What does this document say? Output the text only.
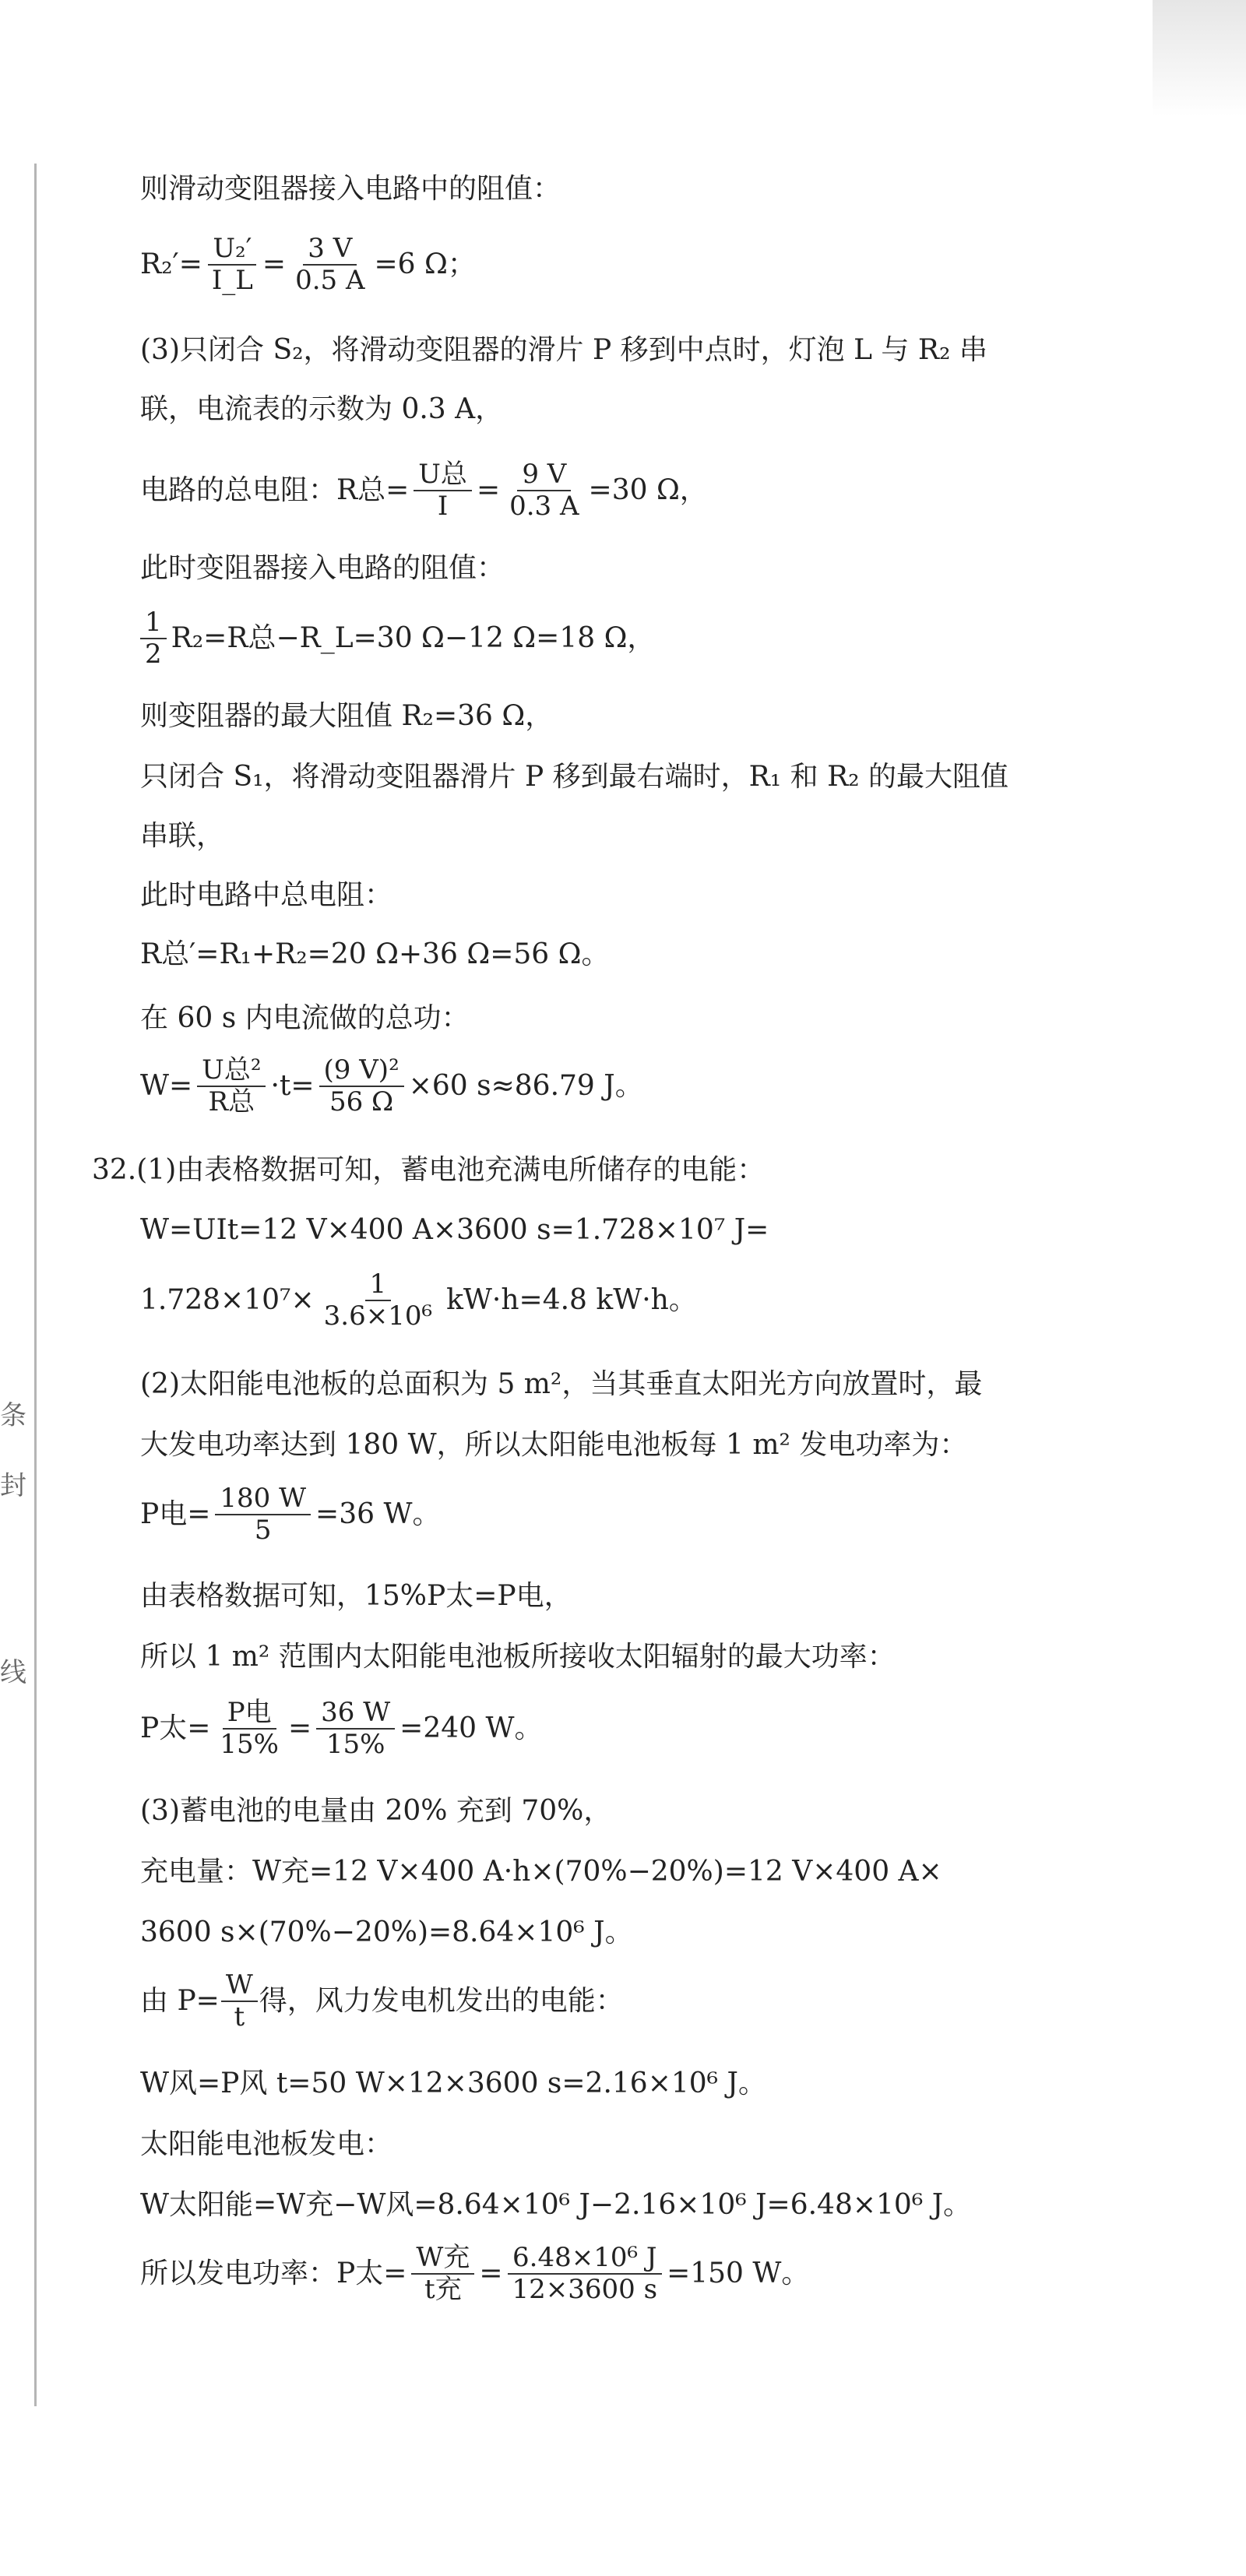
条
封
线
则滑动变阻器接入电路中的阻值：
$R_2'= \frac{\text{U₂′}}{I\_L} = \frac{3 V}{0.5 A} =6$ Ω；
(3)只闭合 S₂，将滑动变阻器的滑片 P 移到中点时，灯泡 L 与 R₂ 串
联，电流表的示数为 0.3 A，
电路的总电阻：R总= $\frac{\text{U总}}{I} = \frac{9 V}{0.3 A} =30$ Ω，
此时变阻器接入电路的阻值：
$\frac{1}{2} R_2=R$总−R_L=30 Ω−12 Ω=18 Ω，
则变阻器的最大阻值 R₂=36 Ω，
只闭合 S₁，将滑动变阻器滑片 P 移到最右端时，R₁ 和 R₂ 的最大阻值
串联，
此时电路中总电阻：
R总′=R₁+R₂=20 Ω+36 Ω=56 Ω。
在 60 s 内电流做的总功：
$W= \frac{\text{U总²}}{\text{R总}} \cdot t= \frac{\text{(9 V)²}}{56 \Omega} \times 60$ s≈86.79 J。
32.(1)由表格数据可知，蓄电池充满电所储存的电能：
W=UIt=12 V×400 A×3600 s=1.728×10⁷ J=
$1.728\times 10^7\times \frac{1}{\text{3.6×10⁶}} kW\cdot h=4.8$ kW·h。
(2)太阳能电池板的总面积为 5 m²，当其垂直太阳光方向放置时，最
大发电功率达到 180 W，所以太阳能电池板每 1 m² 发电功率为：
P电= $\frac{180 W}{5} =36$ W。
由表格数据可知，15%P太=P电，
所以 1 m² 范围内太阳能电池板所接收太阳辐射的最大功率：
P太= $\frac{\text{P电}}{15\%} = \frac{36 W}{15\%} =240$ W。
(3)蓄电池的电量由 20% 充到 70%，
充电量：W充=12 V×400 A·h×(70%−20%)=12 V×400 A×
3600 s×(70%−20%)=8.64×10⁶ J。
由 $P= \frac{W}{t}$ 得，风力发电机发出的电能：
W风=P风 t=50 W×12×3600 s=2.16×10⁶ J。
太阳能电池板发电：
W太阳能=W充−W风=8.64×10⁶ J−2.16×10⁶ J=6.48×10⁶ J。
所以发电功率：P太= $\frac{\text{W充}}{\text{t充}} = \frac{\text{6.48×10⁶ J}}{12\times 3600 s} =150$ W。
